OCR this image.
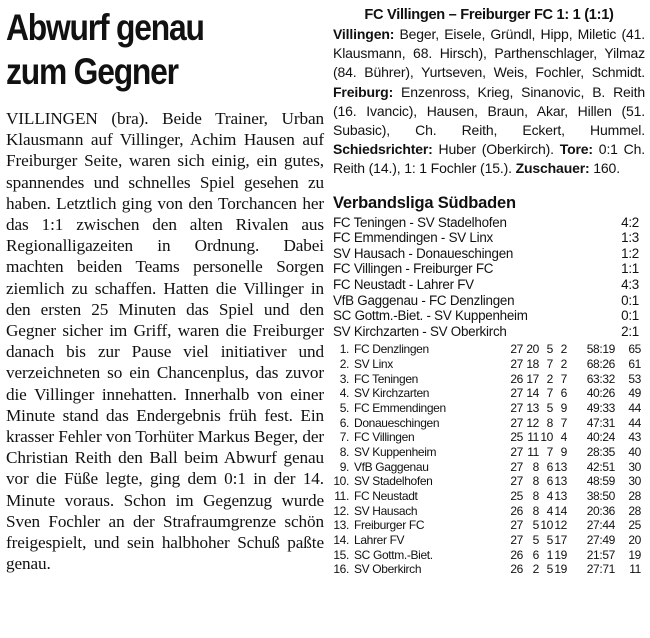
Abwurf genau
zum Gegner
VILLINGEN (bra). Beide Trainer, Urban Klausmann auf Villinger, Achim Hausen auf Freiburger Seite, waren sich einig, ein gutes, spannendes und schnelles Spiel gesehen zu haben. Letztlich ging von den Torchancen her das 1:1 zwischen den alten Rivalen aus Regionalligazeiten in Ordnung. Dabei machten beiden Teams personelle Sorgen ziemlich zu schaffen. Hatten die Villinger in den ersten 25 Minuten das Spiel und den Gegner sicher im Griff, waren die Freiburger danach bis zur Pause viel initiativer und verzeichneten so ein Chancenplus, das zuvor die Villinger innehatten. Innerhalb von einer Minute stand das Endergebnis früh fest. Ein krasser Fehler von Torhüter Markus Beger, der Christian Reith den Ball beim Abwurf genau vor die Füße legte, ging dem 0:1 in der 14. Minute voraus. Schon im Gegenzug wurde Sven Fochler an der Strafraumgrenze schön freigespielt, und sein halbhoher Schuß paßte genau.
FC Villingen – Freiburger FC 1: 1 (1:1)
Villingen: Beger, Eisele, Gründl, Hipp, Miletic (41. Klausmann, 68. Hirsch), Parthenschlager, Yilmaz (84. Bührer), Yurtseven, Weis, Fochler, Schmidt. Freiburg: Enzenross, Krieg, Sinanovic, B. Reith (16. Ivancic), Hausen, Braun, Akar, Hillen (51. Subasic), Ch. Reith, Eckert, Hummel. Schiedsrichter: Huber (Oberkirch). Tore: 0:1 Ch. Reith (14.), 1: 1 Fochler (15.). Zuschauer: 160.
Verbandsliga Südbaden
FC Teningen - SV Stadelhofen	4:2
FC Emmendingen - SV Linx	1:3
SV Hausach - Donaueschingen	1:2
FC Villingen - Freiburger FC	1:1
FC Neustadt - Lahrer FV	4:3
VfB Gaggenau - FC Denzlingen	0:1
SC Gottm.-Biet. - SV Kuppenheim	0:1
SV Kirchzarten - SV Oberkirch	2:1
1. FC Denzlingen	27 20 5 2	58:19	65
2. SV Linx	27 18 7 2	68:26	61
3. FC Teningen	26 17 2 7	63:32	53
4. SV Kirchzarten	27 14 7 6	40:26	49
5. FC Emmendingen	27 13 5 9	49:33	44
6. Donaueschingen	27 12 8 7	47:31	44
7. FC Villingen	25 11 10 4	40:24	43
8. SV Kuppenheim	27 11 7 9	28:35	40
9. VfB Gaggenau	27 8 6 13	42:51	30
10. SV Stadelhofen	27 8 6 13	48:59	30
11. FC Neustadt	25 8 4 13	38:50	28
12. SV Hausach	26 8 4 14	20:36	28
13. Freiburger FC	27 5 10 12	27:44	25
14. Lahrer FV	27 5 5 17	27:49	20
15. SC Gottm.-Biet.	26 6 1 19	21:57	19
16. SV Oberkirch	26 2 5 19	27:71	11
